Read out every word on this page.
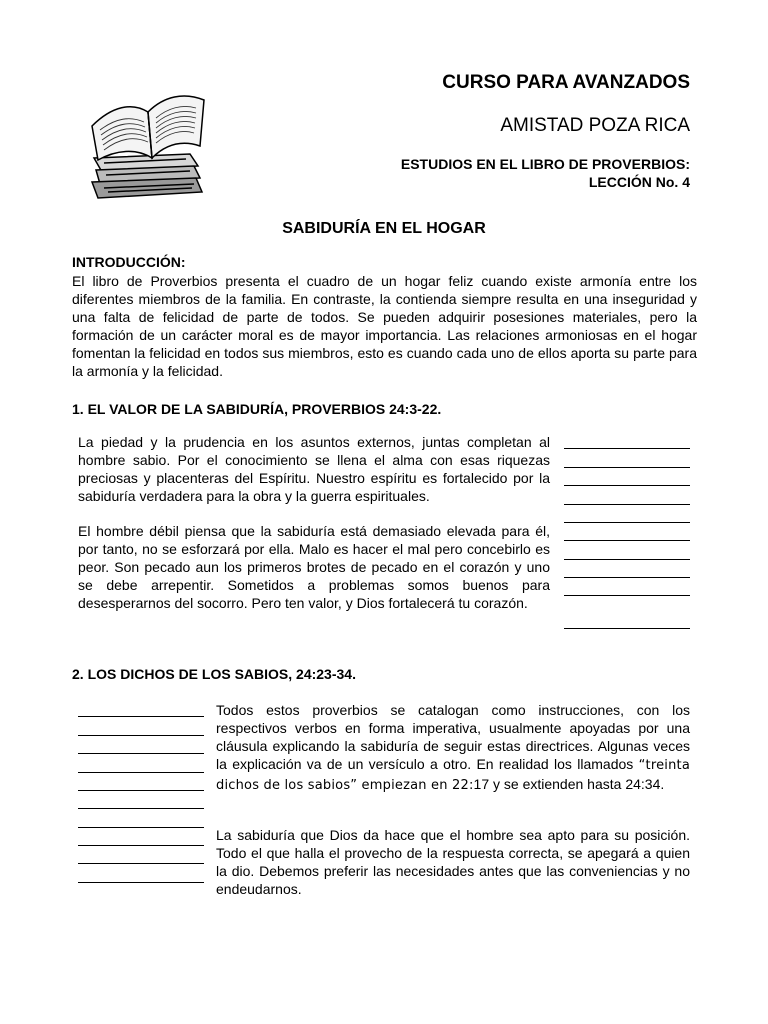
CURSO PARA AVANZADOS
AMISTAD POZA RICA
ESTUDIOS EN EL LIBRO DE PROVERBIOS:
LECCIÓN No. 4
SABIDURÍA EN EL HOGAR
INTRODUCCIÓN:
El libro de Proverbios presenta el cuadro de un hogar feliz cuando existe armonía entre los diferentes miembros de la familia. En contraste, la contienda siempre resulta en una inseguridad y una falta de felicidad de parte de todos. Se pueden adquirir posesiones materiales, pero la formación de un carácter moral es de mayor importancia. Las relaciones armoniosas en el hogar fomentan la felicidad en todos sus miembros, esto es cuando cada uno de ellos aporta su parte para la armonía y la felicidad.
1. EL VALOR DE LA SABIDURÍA, PROVERBIOS 24:3-22.
La piedad y la prudencia en los asuntos externos, juntas completan al hombre sabio. Por el conocimiento se llena el alma con esas riquezas preciosas y placenteras del Espíritu. Nuestro espíritu es fortalecido por la sabiduría verdadera para la obra y la guerra espirituales.
El hombre débil piensa que la sabiduría está demasiado elevada para él, por tanto, no se esforzará por ella. Malo es hacer el mal pero concebirlo es peor. Son pecado aun los primeros brotes de pecado en el corazón y uno se debe arrepentir. Sometidos a problemas somos buenos para desesperarnos del socorro. Pero ten valor, y Dios fortalecerá tu corazón.
2. LOS DICHOS DE LOS SABIOS, 24:23-34.
Todos estos proverbios se catalogan como instrucciones, con los respectivos verbos en forma imperativa, usualmente apoyadas por una cláusula explicando la sabiduría de seguir estas directrices. Algunas veces la explicación va de un versículo a otro. En realidad los llamados “treinta dichos de los sabios” empiezan en 22:17 y se extienden hasta 24:34.
La sabiduría que Dios da hace que el hombre sea apto para su posición. Todo el que halla el provecho de la respuesta correcta, se apegará a quien la dio. Debemos preferir las necesidades antes que las conveniencias y no endeudarnos.
